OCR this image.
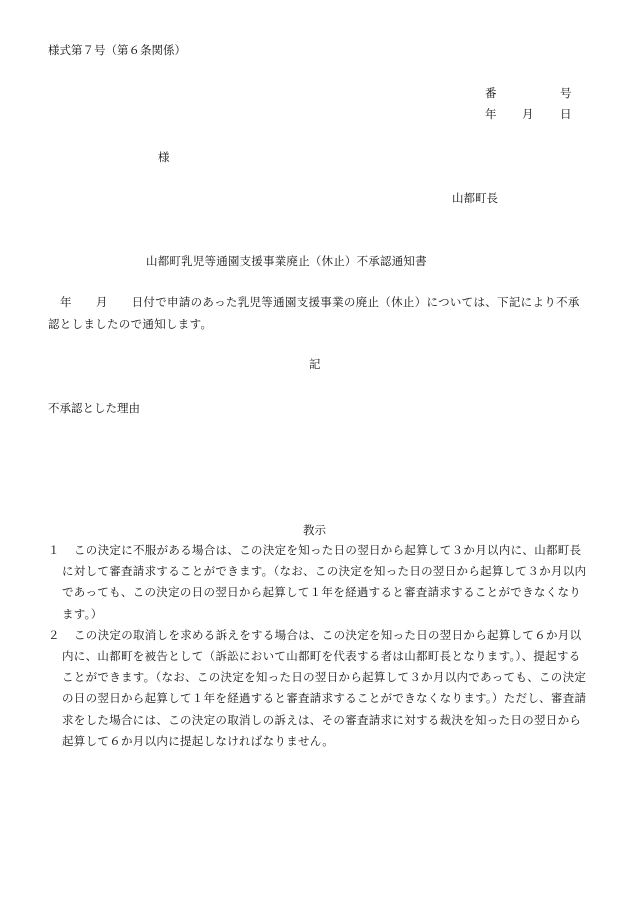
様式第７号（第６条関係）
番	号
年 月 日
様
山都町長
山都町乳児等通園支援事業廃止（休止）不承認通知書
年 月 日付で申請のあった乳児等通園支援事業の廃止（休止）については、下記により不承認としましたので通知します。
記
不承認とした理由
教示
１	この決定に不服がある場合は、この決定を知った日の翌日から起算して３か月以内に、山都町長に対して審査請求することができます。（なお、この決定を知った日の翌日から起算して３か月以内であっても、この決定の日の翌日から起算して１年を経過すると審査請求することができなくなります。）
２	この決定の取消しを求める訴えをする場合は、この決定を知った日の翌日から起算して６か月以内に、山都町を被告として（訴訟において山都町を代表する者は山都町長となります。）、提起することができます。（なお、この決定を知った日の翌日から起算して３か月以内であっても、この決定の日の翌日から起算して１年を経過すると審査請求することができなくなります。）ただし、審査請求をした場合には、この決定の取消しの訴えは、その審査請求に対する裁決を知った日の翌日から起算して６か月以内に提起しなければなりません。
